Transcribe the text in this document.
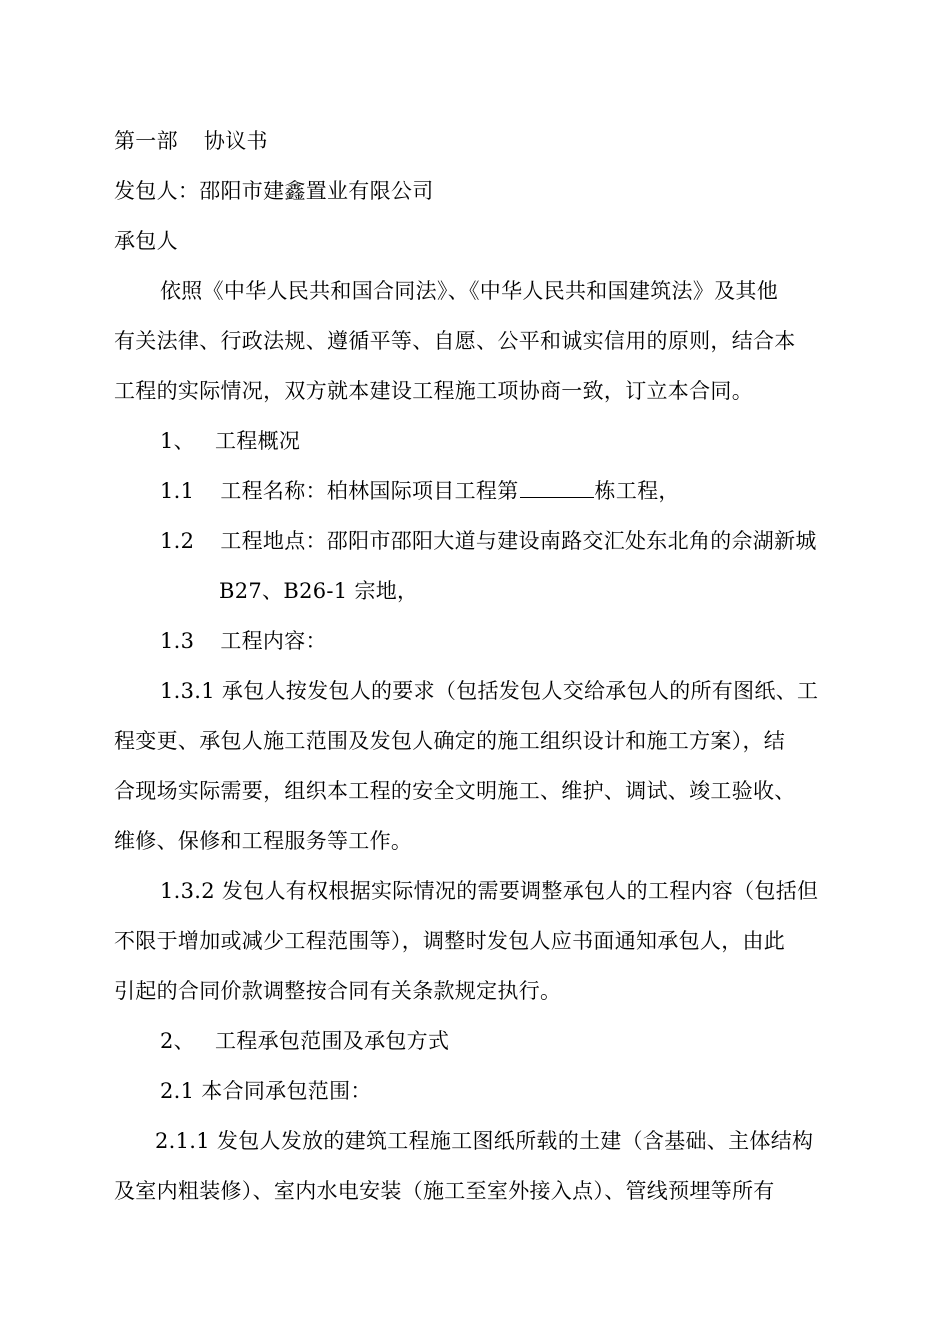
第一部 协议书
发包人：邵阳市建鑫置业有限公司
承包人
依照《中华人民共和国合同法》、《中华人民共和国建筑法》及其他
有关法律、行政法规、遵循平等、自愿、公平和诚实信用的原则，结合本
工程的实际情况，双方就本建设工程施工项协商一致，订立本合同。
1、 工程概况
1.1 工程名称：柏林国际项目工程第	栋工程，
1.2 工程地点：邵阳市邵阳大道与建设南路交汇处东北角的佘湖新城
B27、B26-1 宗地，
1.3 工程内容：
1.3.1 承包人按发包人的要求（包括发包人交给承包人的所有图纸、工
程变更、承包人施工范围及发包人确定的施工组织设计和施工方案），结
合现场实际需要，组织本工程的安全文明施工、维护、调试、竣工验收、
维修、保修和工程服务等工作。
1.3.2 发包人有权根据实际情况的需要调整承包人的工程内容（包括但
不限于增加或减少工程范围等），调整时发包人应书面通知承包人，由此
引起的合同价款调整按合同有关条款规定执行。
2、 工程承包范围及承包方式
2.1 本合同承包范围：
2.1.1 发包人发放的建筑工程施工图纸所载的土建（含基础、主体结构
及室内粗装修）、室内水电安装（施工至室外接入点）、管线预埋等所有
